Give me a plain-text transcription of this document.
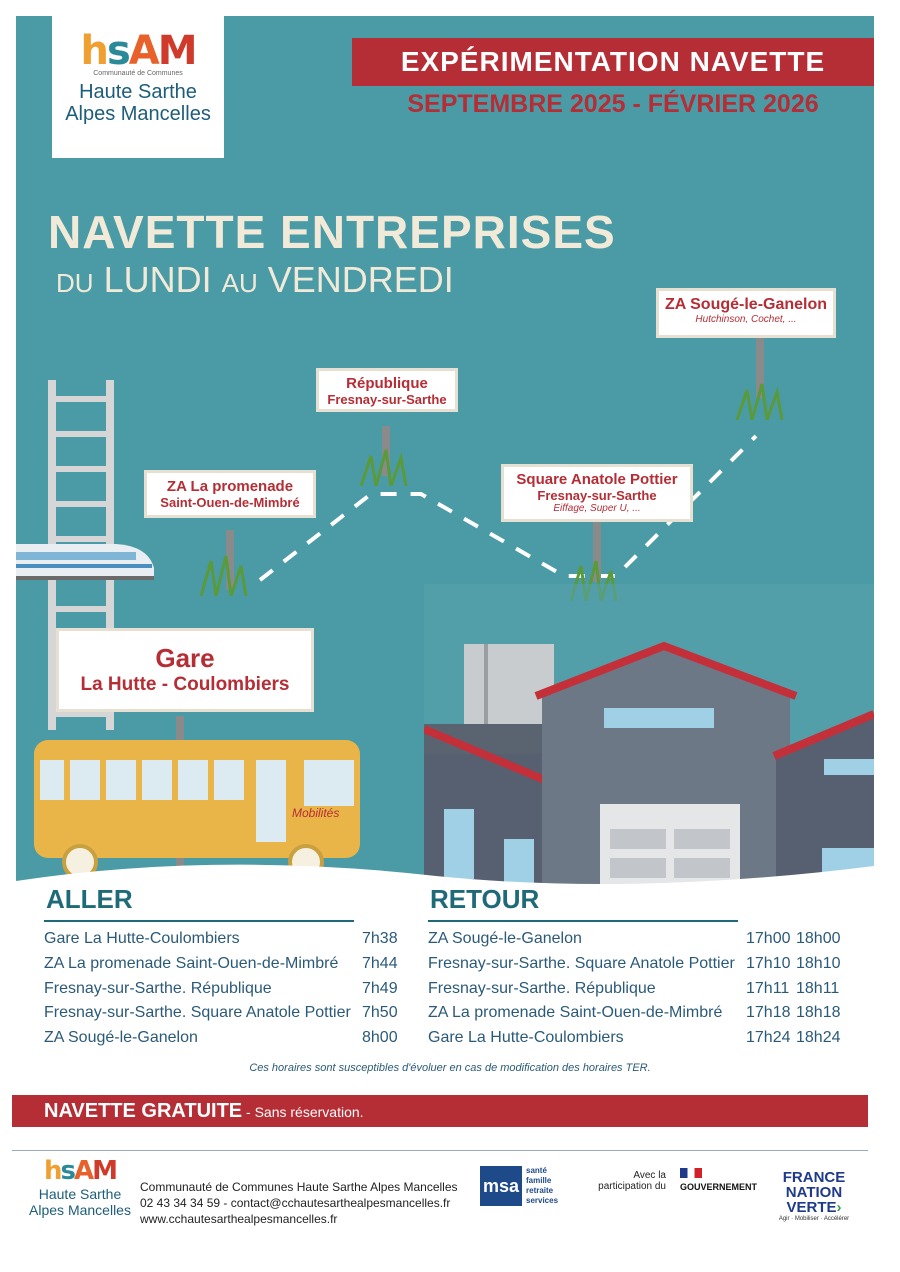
ZA La promenade
Saint-Ouen-de-Mimbré
République
Fresnay-sur-Sarthe
Square Anatole Pottier
Fresnay-sur-Sarthe
Eiffage, Super U, ...
ZA Sougé-le-Ganelon
Hutchinson, Cochet, ...
Gare
La Hutte - Coulombiers
Mobilités
hsAM
Communauté de Communes
Haute Sarthe
Alpes Mancelles
EXPÉRIMENTATION NAVETTE
SEPTEMBRE 2025 - FÉVRIER 2026
NAVETTE ENTREPRISES
DU LUNDI AU VENDREDI
ALLER	RETOUR
Gare La Hutte-Coulombiers	7h38
ZA La promenade Saint-Ouen-de-Mimbré 7h44
Fresnay-sur-Sarthe. République	7h49
Fresnay-sur-Sarthe. Square Anatole Pottier 7h50
ZA Sougé-le-Ganelon	8h00
ZA Sougé-le-Ganelon	17h00 18h00
Fresnay-sur-Sarthe. Square Anatole Pottier 17h10 18h10
Fresnay-sur-Sarthe. République	17h11 18h11
ZA La promenade Saint-Ouen-de-Mimbré 17h18 18h18
Gare La Hutte-Coulombiers	17h24 18h24
Ces horaires sont susceptibles d'évoluer en cas de modification des horaires TER.
NAVETTE GRATUITE - Sans réservation.
hsAM
Haute Sarthe
Alpes Mancelles
Communauté de Communes Haute Sarthe Alpes Mancelles
02 43 34 34 59 - contact@cchautesarthealpesmancelles.fr
www.cchautesarthealpesmancelles.fr
msa
santé
famille
retraite
services
Avec la
participation du GOUVERNEMENT
FRANCE
NATION
VERTE›
Agir · Mobiliser · Accélérer
